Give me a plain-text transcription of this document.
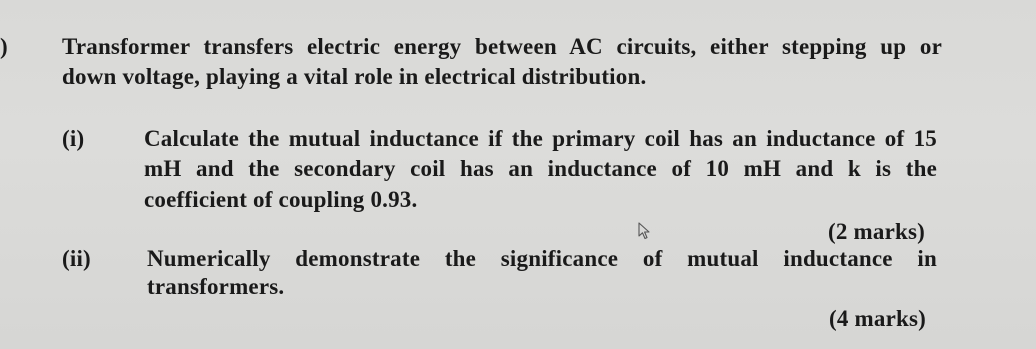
) Transformer transfers electric energy between AC circuits, either stepping up or
down voltage, playing a vital role in electrical distribution.
(i)	Calculate the mutual inductance if the primary coil has an inductance of 15
mH and the secondary coil has an inductance of 10 mH and k is the
coefficient of coupling 0.93.
(2 marks)
(ii) Numerically demonstrate the significance of mutual inductance in
transformers.
(4 marks)
